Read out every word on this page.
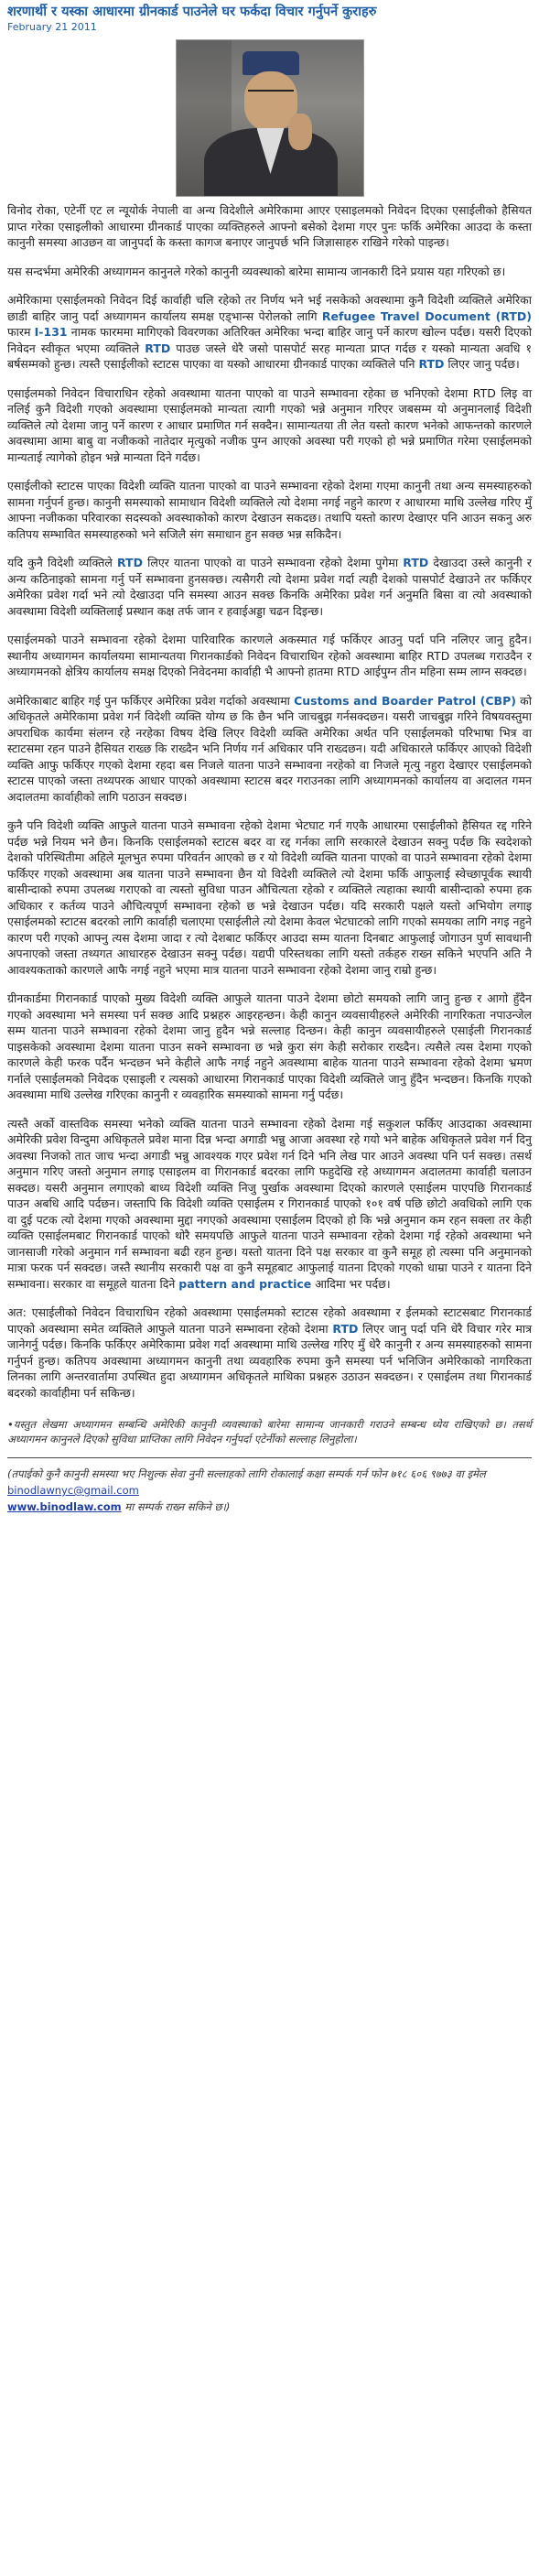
शरणार्थी र यस्का आधारमा ग्रीनकार्ड पाउनेले घर फर्कदा विचार गर्नुपर्ने कुराहरु
February 21 2011

विनोद रोका, एटेर्नी एट ल न्यूयोर्क नेपाली वा अन्य विदेशीले अमेरिकामा आएर एसाइलमको निवेदन दिएका एसाईलीको हैसियत प्राप्त गरेका एसाइलीको आधारमा ग्रीनकार्ड पाएका व्यक्तिहरुले आफ्नो बसेको देशमा गएर पुनः फर्कि अमेरिका आउदा के कस्ता कानुनी समस्या आउछन वा जानुपर्दा के कस्ता कागज बनाएर जानुपर्छ भनि जिज्ञासाहरु राखिने गरेको पाइन्छ।

यस सन्दर्भमा अमेरिकी अध्यागमन कानुनले गरेको कानुनी व्यवस्थाको बारेमा सामान्य जानकारी दिने प्रयास यहा गरिएको छ।

अमेरिकामा एसाईलमको निवेदन दिई कार्वाही चलि रहेको तर निर्णय भने भई नसकेको अवस्थामा कुनै विदेशी व्यक्तिले अमेरिका छाडी बाहिर जानु पर्दा अध्यागमन कार्यालय समक्ष एड्भान्स पेरोलको लागि Refugee Travel Document (RTD) फारम I-131 नामक फारममा मागिएको विवरणका अतिरिक्त अमेरिका भन्दा बाहिर जानु पर्ने कारण खोल्न पर्दछ। यसरी दिएको निवेदन स्वीकृत भएमा व्यक्तिले RTD पाउछ जस्ले धेरै जसो पासपोर्ट सरह मान्यता प्राप्त गर्दछ र यस्को मान्यता अवधि १ बर्षसम्मको हुन्छ। त्यस्तै एसाईलीको स्टाटस पाएका वा यस्को आधारमा ग्रीनकार्ड पाएका व्यक्तिले पनि RTD लिएर जानु पर्दछ।

एसाईलमको निवेदन विचाराधिन रहेको अवस्थामा यातना पाएको वा पाउने सम्भावना रहेका छ भनिएको देशमा RTD लिइ वा नलिई कुनै विदेशी गएको अवस्थामा एसाईलमको मान्यता त्यागी गएको भन्ने अनुमान गरिएर जबसम्म यो अनुमानलाई विदेशी व्यक्तिले त्यो देशमा जानु पर्ने कारण र आधार प्रमाणित गर्न सक्दैन। सामान्यतया ती लेत यस्तो कारण भनेको आफन्तको कारणले अवस्थामा आमा बाबु वा नजीकको नातेदार मृत्युको नजीक पुग्न आएको अवस्था परी गएको हो भन्ने प्रमाणित गरेमा एसाईलमको मान्यताई त्यागेको होइन भन्ने मान्यता दिने गर्दछ।

एसाईलीको स्टाटस पाएका विदेशी व्यक्ति यातना पाएको वा पाउने सम्भावना रहेको देशमा गएमा कानुनी तथा अन्य समस्याहरुको सामना गर्नुपर्न हुन्छ। कानुनी समस्याको सामाधान विदेशी व्यक्तिले त्यो देशमा नगई नहुने कारण र आधारमा माथि उल्लेख गरिए मुँ आफ्ना नजीकका परिवारका सदस्यको अवस्थाकोको कारण देखाउन सकदछ। तथापि यस्तो कारण देखाएर पनि आउन सकनु अरु कतिपय सम्भावित समस्याहरुको भने सजिलै संग समाधान हुन सक्छ भन्न सकिदैन।

यदि कुनै विदेशी व्यक्तिले RTD लिएर यातना पाएको वा पाउने सम्भावना रहेको देशमा पुगेमा RTD देखाउदा उस्ले कानुनी र अन्य कठिनाइको सामना गर्नु पर्ने सम्भावना हुनसक्छ। त्यसैगरी त्यो देशमा प्रवेश गर्दा त्यही देशको पासपोर्ट देखाउने तर फर्किएर अमेरिका प्रवेश गर्दा भने त्यो देखाउदा पनि समस्या आउन सक्छ किनकि अमेरिका प्रवेश गर्न अनुमति बिसा वा त्यो अवस्थाको अवस्थामा विदेशी व्यक्तिलाई प्रस्थान कक्ष तर्फ जान र हवाईअड्डा चढन दिइन्छ।

एसाईलमको पाउने सम्भावना रहेको देशमा पारिवारिक कारणले अकस्मात गई फर्किएर आउनु पर्दा पनि नलिएर जानु हुदैन। स्थानीय अध्यागमन कार्यालयमा सामान्यतया गिरानकार्डको निवेदन विचाराधिन रहेको अवस्थामा बाहिर RTD उपलब्ध गराउदैन र अध्यागमनको क्षेत्रिय कार्यालय समक्ष दिएको निवेदनमा कार्वाही भै आफ्नो हातमा RTD आईपुग्न तीन महिना सम्म लाग्न सक्दछ।

अमेरिकाबाट बाहिर गई पुन फर्किएर अमेरिका प्रवेश गर्दाको अवस्थामा Customs and Boarder Patrol (CBP) को अधिकृतले अमेरिकामा प्रवेश गर्न विदेशी व्यक्ति योग्य छ कि छैन भनि जाचबुझ गर्नसक्दछन। यसरी जाचबुझ गरिने विषयवस्तुमा अपराधिक कार्यमा संलग्न रहे नरहेका विषय देखि लिएर विदेशी व्यक्ति अमेरिका अर्थत पनि एसाईलमको परिभाषा भित्र वा स्टाटसमा रहन पाउने हैसियत राख्छ कि राख्दैन भनि निर्णय गर्न अधिकार पनि राख्दछन। यदी अधिकारले फर्किएर आएको विदेशी व्यक्ति आफु फर्किएर गएको देशमा रहदा बस निजले यातना पाउने सम्भावना नरहेको वा निजले मृत्यु नहुरा देखाएर एसाईलमको स्टाटस पाएको जस्ता तथ्यपरक आधार पाएको अवस्थामा स्टाटस बदर गराउनका लागि अध्यागमनको कार्यालय वा अदालत गमन अदालतमा कार्वाहीको लागि पठाउन सक्दछ।

कुनै पनि विदेशी व्यक्ति आफुले यातना पाउने सम्भावना रहेको देशमा भेटघाट गर्न गएकै आधारमा एसाईलीको हैसियत रद्द गरिने पर्दछ भन्ने नियम भने छैन। किनकि एसाईलमको स्टाटस बदर वा रद्द गर्नका लागि सरकारले देखाउन सक्नु पर्दछ कि स्वदेशको देशको परिस्थितीमा अहिले मूलभुत रुपमा परिवर्तन आएको छ र यो विदेशी व्यक्ति यातना पाएको वा पाउने सम्भावना रहेको देशमा फर्किएर गएको अवस्थामा अब यातना पाउने सम्भावना छैन यो विदेशी व्यक्तिले त्यो देशमा फर्कि आफुलाई स्वेच्छापूर्वक स्थायी बासीन्दाको रुपमा उपलब्ध गराएको वा त्यस्तो सुविधा पाउन औचित्यता रहेको र व्यक्तिले त्यहाका स्थायी बासीन्दाको रुपमा हक अधिकार र कर्तव्य पाउने औचित्यपूर्ण सम्भावना रहेको छ भन्ने देखाउन पर्दछ। यदि सरकारी पक्षले यस्तो अभियोग लगाइ एसाईलमको स्टाटस बदरको लागि कार्वाही चलाएमा एसाईलीले त्यो देशमा केवल भेटघाटको लागि गएको समयका लागि नगइ नहुने कारण परी गएको आफ्नु त्यस देशमा जादा र त्यो देशबाट फर्किएर आउदा सम्म यातना दिनबाट आफुलाई जोगाउन पुर्ण सावधानी अपनाएको जस्ता तथ्यगत आधारहरु देखाउन सक्नु पर्दछ। यद्यपी परिस्तथका लागि यस्तो तर्कहरु राख्न सकिने भएपनि अति नै आवश्यकताको कारणले आफै नगई नहुने भएमा मात्र यातना पाउने सम्भावना रहेको देशमा जानु राम्रो हुन्छ।

ग्रीनकार्डमा गिरानकार्ड पाएको मुख्य विदेशी व्यक्ति आफुले यातना पाउने देशमा छोटो समयको लागि जानु हुन्छ र आगो हुँदैन गएको अवस्थामा भने समस्या पर्न सक्छ आदि प्रश्नहरु आइरहन्छन। केही कानुन व्यवसायीहरुले अमेरिकी नागरिकता नपाउन्जेल सम्म यातना पाउने सम्भावना रहेको देशमा जानु हुदैन भन्ने सल्लाह दिन्छन। केही कानुन व्यवसायीहरुले एसाईली गिरानकार्ड पाइसकेको अवस्थामा देशमा यातना पाउन सक्ने सम्भावना छ भन्ने कुरा संग केही सरोकार राख्दैन। त्यसैले त्यस देशमा गएको कारणले केही फरक पर्दैन भन्दछन भने केहीले आफै नगई नहुने अवस्थामा बाहेक यातना पाउने सम्भावना रहेको देशमा भ्रमण गर्नाले एसाईलमको निवेदक एसाइली र त्यसको आधारमा गिरानकार्ड पाएका विदेशी व्यक्तिले जानु हुँदैन भन्दछन। किनकि गएको अवस्थामा माथि उल्लेख गरिएका कानुनी र व्यवहारिक समस्याको सामना गर्नु पर्दछ।

त्यस्तै अर्को वास्तविक समस्या भनेको व्यक्ति यातना पाउने सम्भावना रहेको देशमा गई सकुशल फर्किए आउदाका अवस्थामा अमेरिकी प्रवेश विन्दुमा अधिकृतले प्रवेश माना दिन्न भन्दा अगाडी भन्नु आजा अवस्था रहे गयो भने बाहेक अधिकृतले प्रवेश गर्न दिनु अवस्था निजको तात जाच भन्दा अगाडी भन्नु आवश्यक गएर प्रवेश गर्न दिने भनि लेख पार आउने अवस्था पनि पर्न सक्छ। तसर्थ अनुमान गरिए जस्तो अनुमान लगाइ एसाइलम वा गिरानकार्ड बदरका लागि फहुदेखि रहे अध्यागमन अदालतमा कार्वाही चलाउन सक्दछ। यसरी अनुमान लगाएको बाध्य विदेशी व्यक्ति निजु पुर्खाक अवस्थामा दिएको कारणले एसाईलम पाएपछि गिरानकार्ड पाउन अबधि आदि पर्दछन। जस्तापि कि विदेशी व्यक्ति एसाईलम र गिरानकार्ड पाएको १०१ वर्ष पछि छोटो अवधिको लागि एक वा दुई पटक त्यो देशमा गएको अवस्थामा मुद्दा नगएको अवस्थामा एसाईलम दिएको हो कि भन्ने अनुमान कम रहन सक्ला तर केही व्यक्ति एसाईलमबाट गिरानकार्ड पाएको थोरै समयपछि आफुले यातना पाउने सम्भावना रहेको देशमा गई रहेको अवस्थामा भने जानसाजी गरेको अनुमान गर्न सम्भावना बढी रहन हुन्छ। यस्तो यातना दिने पक्ष सरकार वा कुनै समूह हो त्यस्मा पनि अनुमानको मात्रा फरक पर्न सक्दछ। जस्तै स्थानीय सरकारी पक्ष वा कुनै समूहबाट आफुलाई यातना दिएको गएको धाम्रा पाउने र यातना दिने सम्भावना। सरकार वा समूहले यातना दिने pattern and practice आदिमा भर पर्दछ।

अत: एसाईलीको निवेदन विचाराधिन रहेको अवस्थामा एसाईलमको स्टाटस रहेको अवस्थामा र ईलमको स्टाटसबाट गिरानकार्ड पाएको अवस्थामा समेत व्यक्तिले आफुले यातना पाउने सम्भावना रहेको देशमा RTD लिएर जानु पर्दा पनि धेरै विचार गरेर मात्र जानेगर्नु पर्दछ। किनकि फर्किएर अमेरिकामा प्रवेश गर्दा अवस्थामा माथि उल्लेख गरिए मुँ धेरै कानुनी र अन्य समस्याहरुको सामना गर्नुपर्न हुन्छ। कतिपय अवस्थामा अध्यागमन कानुनी तथा व्यवहारिक रुपमा कुनै समस्या पर्न भनिजिन अमेरिकाको नागरिकता लिनका लागि अन्तरवार्तामा उपस्थित हुदा अध्यागमन अधिकृतले माथिका प्रश्नहरु उठाउन सक्दछन। र एसाईलम तथा गिरानकार्ड बदरको कार्वाहीमा पर्न सकिन्छ।

•यस्तुत लेखमा अध्यागमन सम्बन्धि अमेरिकी कानुनी व्यवस्थाको बारेमा सामान्य जानकारी गराउने सम्बन्ध ध्येय राखिएको छ। तसर्थ अध्यागमन कानुनले दिएको सुविधा प्राप्तिका लागि निवेदन गर्नुपर्दा एटेर्नीको सल्लाह लिनुहोला।

(तपाईको कुनै कानुनी समस्या भए निशुल्क सेवा नुनी सल्लाहको लागि रोकालाई कक्षा सम्पर्क गर्न फोन ७१८ ६०६ ९७७३ वा इमेल binodlawnyc@gmail.com
www.binodlaw.com मा सम्पर्क राख्न सकिने छ।)
